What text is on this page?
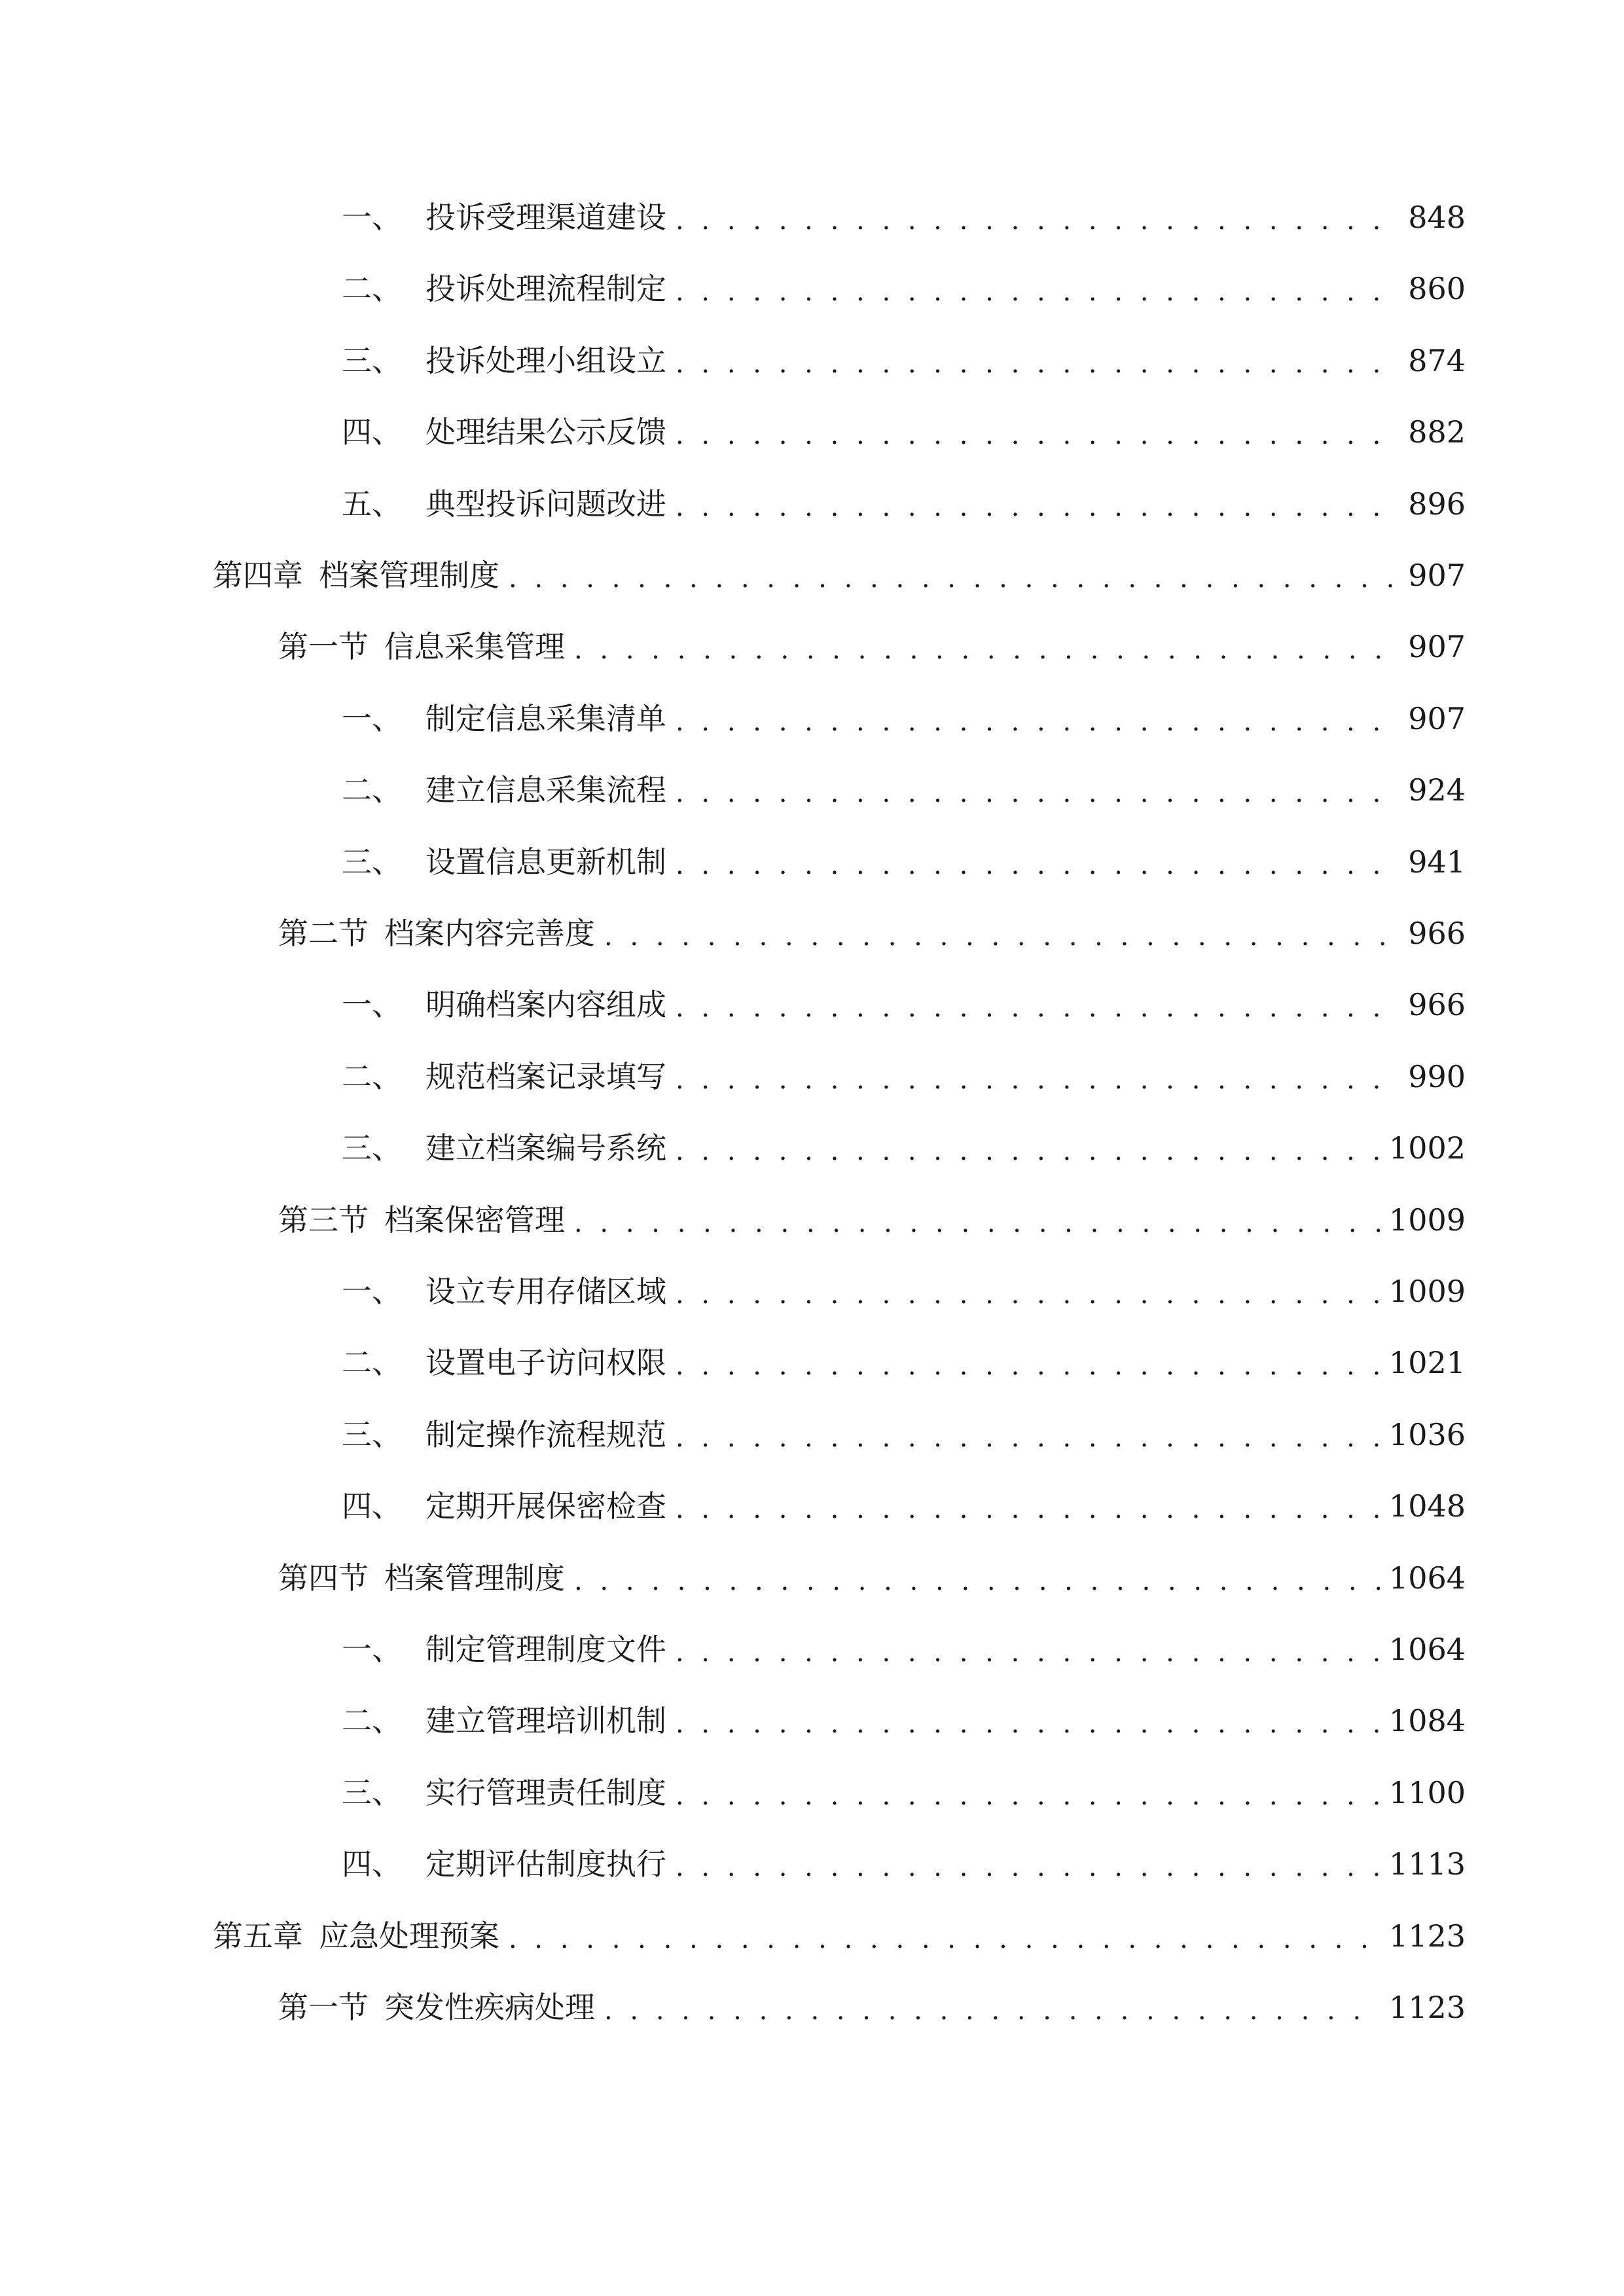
一、 投诉受理渠道建设 . . .	848
二、 投诉处理流程制定 . . .	860
三、 投诉处理小组设立 . . .	874
四、 处理结果公示反馈 . . .	882
五、 典型投诉问题改进 . . .	896
第四章 档案管理制度 . . .	907
第一节 信息采集管理 . . .	907
一、 制定信息采集清单 . . .	907
二、 建立信息采集流程 . . .	924
三、 设置信息更新机制 . . .	941
第二节 档案内容完善度 . . .	966
一、 明确档案内容组成 . . .	966
二、 规范档案记录填写 . . .	990
三、 建立档案编号系统 . . .	1002
第三节 档案保密管理 . . .	1009
一、 设立专用存储区域 . . .	1009
二、 设置电子访问权限 . . .	1021
三、 制定操作流程规范 . . .	1036
四、 定期开展保密检查 . . .	1048
第四节 档案管理制度 . . .	1064
一、 制定管理制度文件 . . .	1064
二、 建立管理培训机制 . . .	1084
三、 实行管理责任制度 . . .	1100
四、 定期评估制度执行 . . .	1113
第五章 应急处理预案 . . .	1123
第一节 突发性疾病处理 . . .	1123
